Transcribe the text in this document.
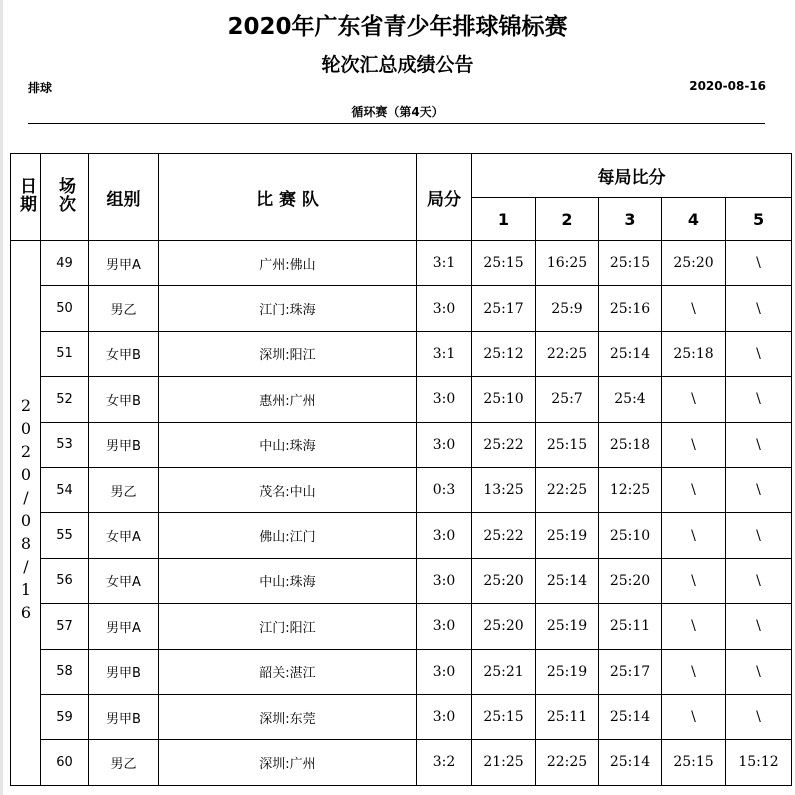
2020年广东省青少年排球锦标赛
轮次汇总成绩公告
排球	2020-08-16
循环赛（第4天）
日期	场次	组别	比 赛 队	局分	每局比分				
					1	2	3	4	5
2020/08/16	49	男甲A	广州:佛山	3:1	25:15	16:25	25:15	25:20	\
	50	男乙	江门:珠海	3:0	25:17	25:9	25:16	\	\
	51	女甲B	深圳:阳江	3:1	25:12	22:25	25:14	25:18	\
	52	女甲B	惠州:广州	3:0	25:10	25:7	25:4	\	\
	53	男甲B	中山:珠海	3:0	25:22	25:15	25:18	\	\
	54	男乙	茂名:中山	0:3	13:25	22:25	12:25	\	\
	55	女甲A	佛山:江门	3:0	25:22	25:19	25:10	\	\
	56	女甲A	中山:珠海	3:0	25:20	25:14	25:20	\	\
	57	男甲A	江门:阳江	3:0	25:20	25:19	25:11	\	\
	58	男甲B	韶关:湛江	3:0	25:21	25:19	25:17	\	\
	59	男甲B	深圳:东莞	3:0	25:15	25:11	25:14	\	\
	60	男乙	深圳:广州	3:2	21:25	22:25	25:14	25:15	15:12
